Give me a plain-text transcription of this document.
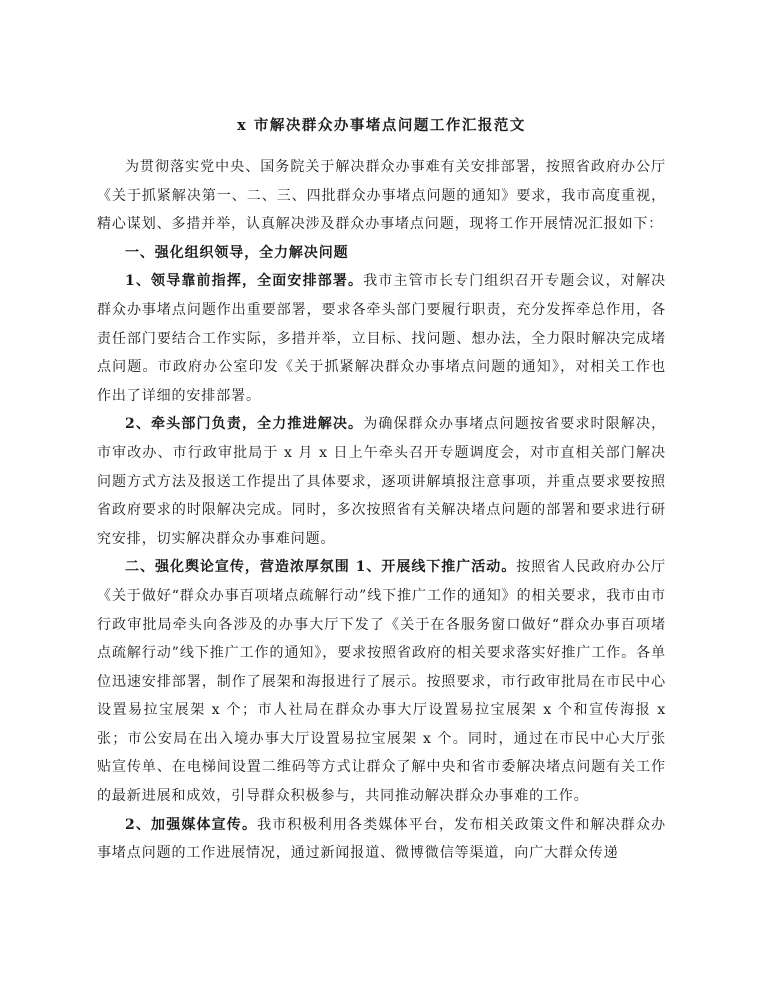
x 市解决群众办事堵点问题工作汇报范文

为贯彻落实党中央、国务院关于解决群众办事难有关安排部署，按照省政府办公厅《关于抓紧解决第一、二、三、四批群众办事堵点问题的通知》要求，我市高度重视，精心谋划、多措并举，认真解决涉及群众办事堵点问题，现将工作开展情况汇报如下：

一、强化组织领导，全力解决问题

1、领导靠前指挥，全面安排部署。我市主管市长专门组织召开专题会议，对解决群众办事堵点问题作出重要部署，要求各牵头部门要履行职责，充分发挥牵总作用，各责任部门要结合工作实际，多措并举，立目标、找问题、想办法，全力限时解决完成堵点问题。市政府办公室印发《关于抓紧解决群众办事堵点问题的通知》，对相关工作也作出了详细的安排部署。

2、牵头部门负责，全力推进解决。为确保群众办事堵点问题按省要求时限解决，市审改办、市行政审批局于 x 月 x 日上午牵头召开专题调度会，对市直相关部门解决问题方式方法及报送工作提出了具体要求，逐项讲解填报注意事项，并重点要求要按照省政府要求的时限解决完成。同时，多次按照省有关解决堵点问题的部署和要求进行研究安排，切实解决群众办事难问题。

二、强化舆论宣传，营造浓厚氛围 1、开展线下推广活动。按照省人民政府办公厅《关于做好“群众办事百项堵点疏解行动”线下推广工作的通知》的相关要求，我市由市行政审批局牵头向各涉及的办事大厅下发了《关于在各服务窗口做好“群众办事百项堵点疏解行动”线下推广工作的通知》，要求按照省政府的相关要求落实好推广工作。各单位迅速安排部署，制作了展架和海报进行了展示。按照要求，市行政审批局在市民中心设置易拉宝展架 x 个；市人社局在群众办事大厅设置易拉宝展架 x 个和宣传海报 x 张；市公安局在出入境办事大厅设置易拉宝展架 x 个。同时，通过在市民中心大厅张贴宣传单、在电梯间设置二维码等方式让群众了解中央和省市委解决堵点问题有关工作的最新进展和成效，引导群众积极参与，共同推动解决群众办事难的工作。

2、加强媒体宣传。我市积极利用各类媒体平台，发布相关政策文件和解决群众办事堵点问题的工作进展情况，通过新闻报道、微博微信等渠道，向广大群众传递
